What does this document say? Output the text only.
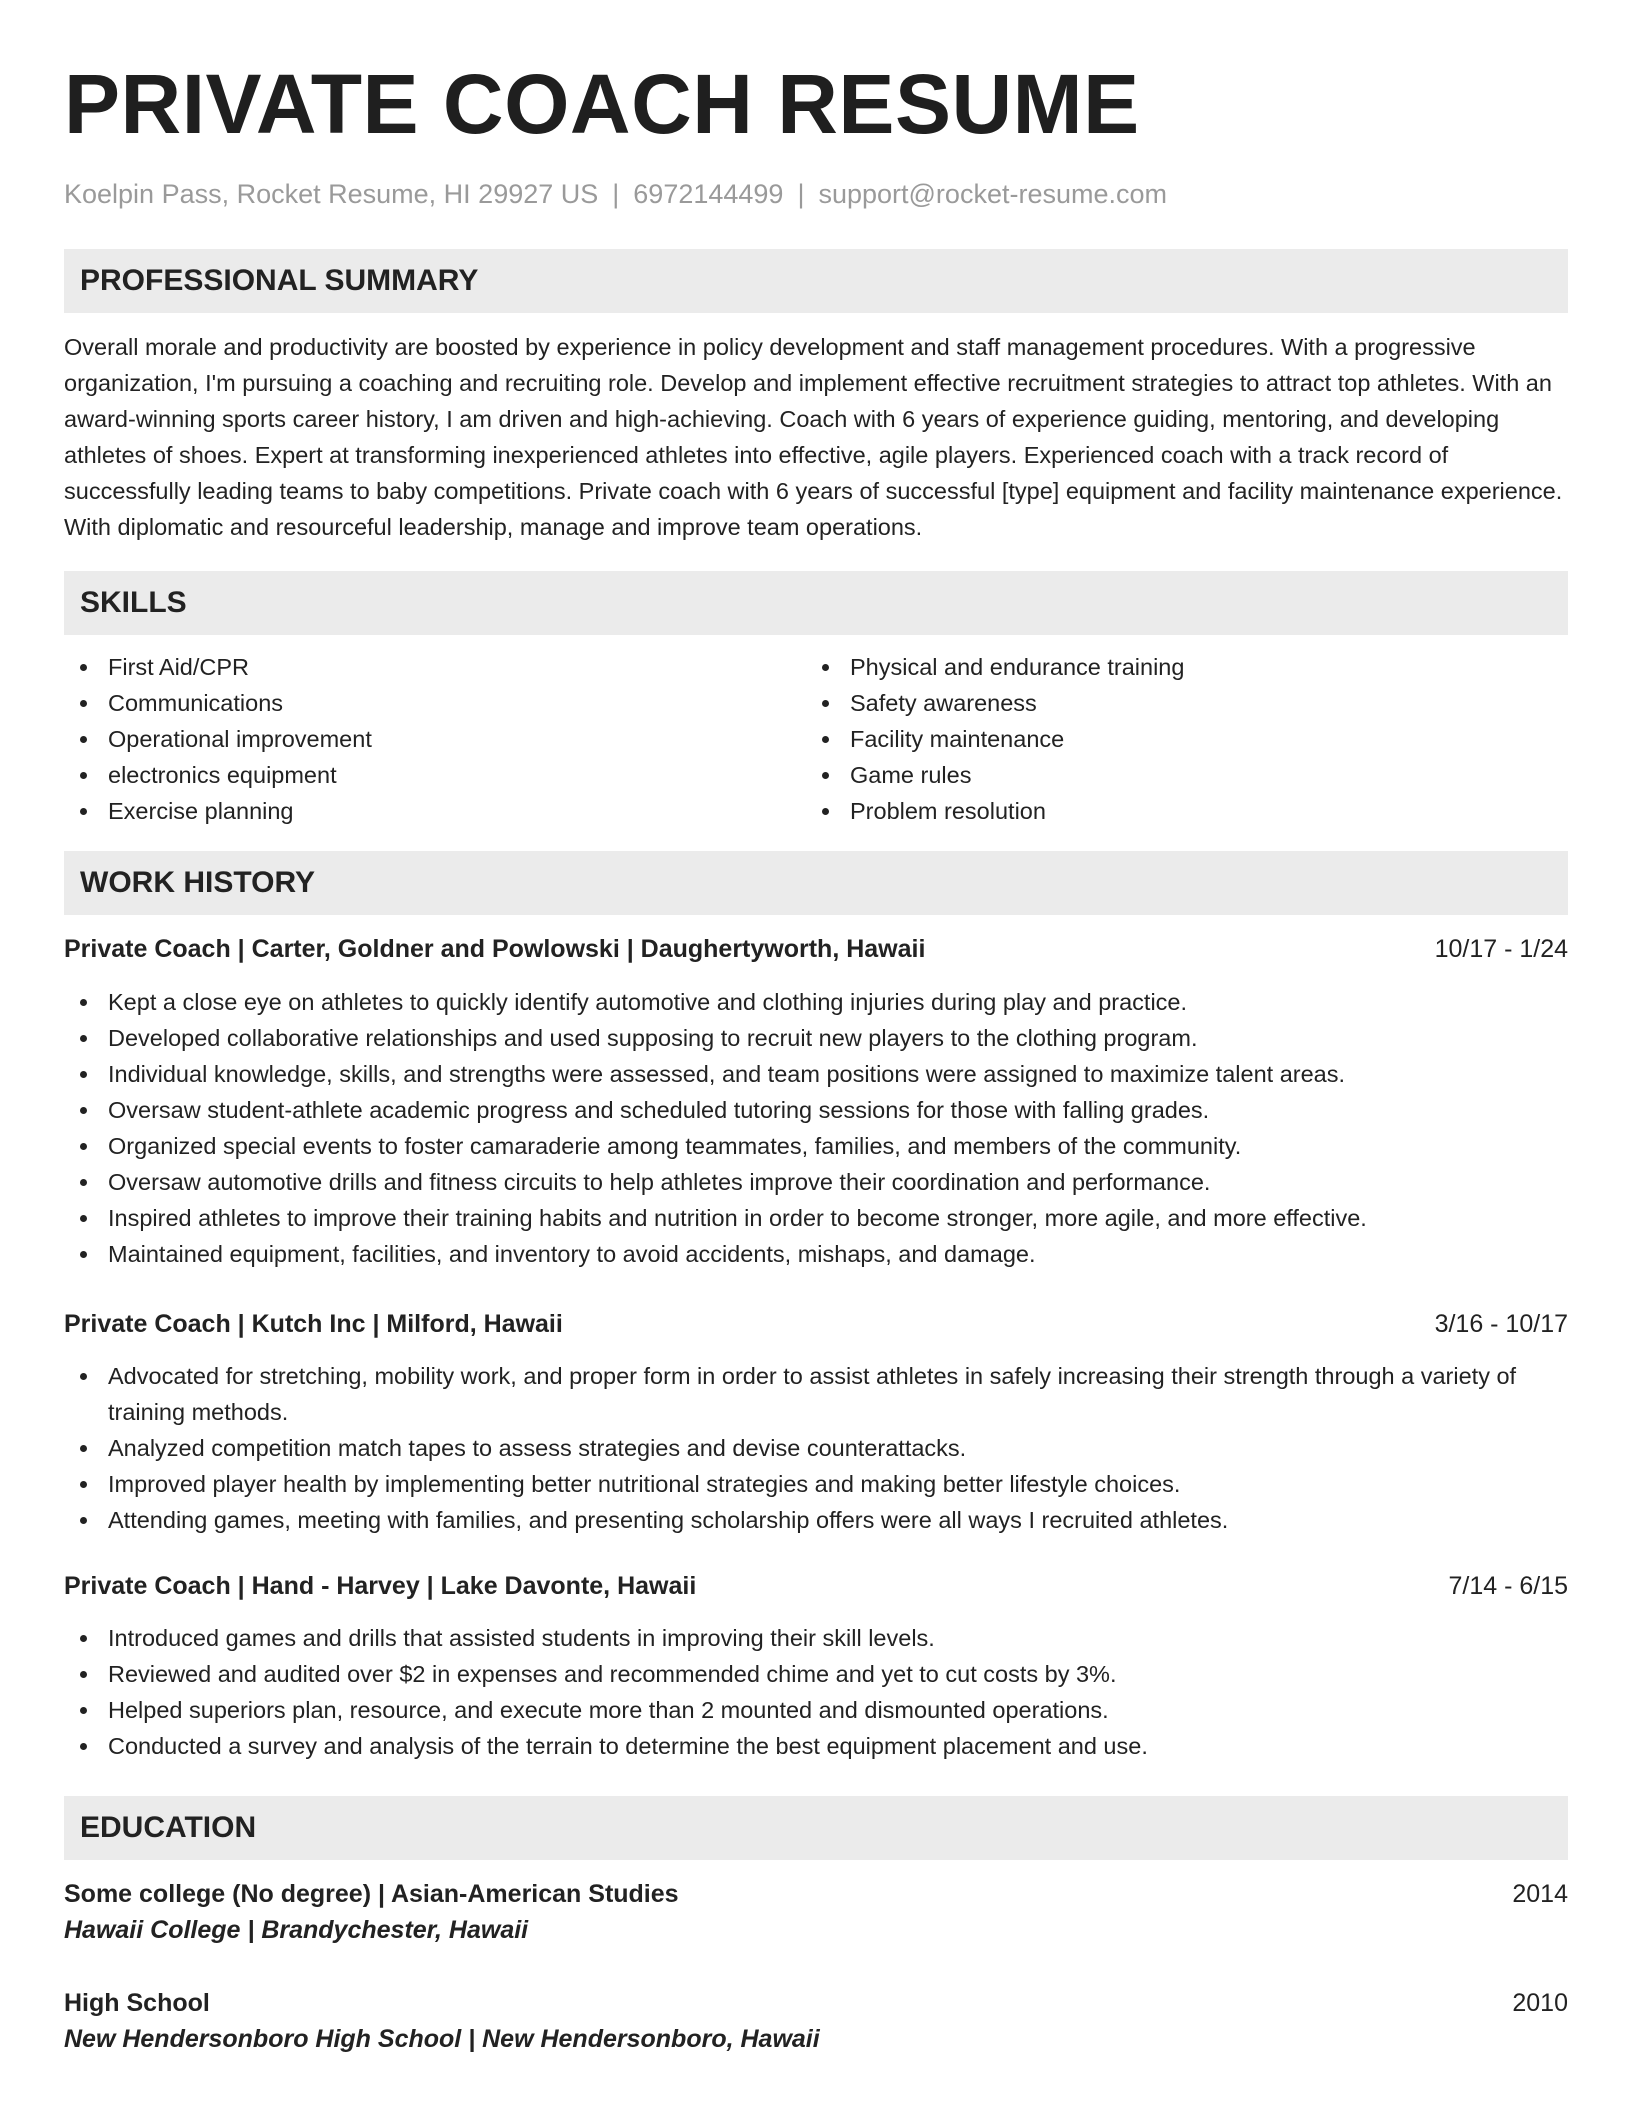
PRIVATE COACH RESUME
Koelpin Pass, Rocket Resume, HI 29927 US | 6972144499 | support@rocket-resume.com
PROFESSIONAL SUMMARY

Overall morale and productivity are boosted by experience in policy development and staff management procedures. With a progressive organization, I'm pursuing a coaching and recruiting role. Develop and implement effective recruitment strategies to attract top athletes. With an award-winning sports career history, I am driven and high-achieving. Coach with 6 years of experience guiding, mentoring, and developing athletes of shoes. Expert at transforming inexperienced athletes into effective, agile players. Experienced coach with a track record of successfully leading teams to baby competitions. Private coach with 6 years of successful [type] equipment and facility maintenance experience. With diplomatic and resourceful leadership, manage and improve team operations.

SKILLS
First Aid/CPR
Communications
Operational improvement
electronics equipment
Exercise planning
Physical and endurance training
Safety awareness
Facility maintenance
Game rules
Problem resolution
WORK HISTORY
Private Coach | Carter, Goldner and Powlowski | Daughertyworth, Hawaii	10/17 - 1/24
Kept a close eye on athletes to quickly identify automotive and clothing injuries during play and practice.
Developed collaborative relationships and used supposing to recruit new players to the clothing program.
Individual knowledge, skills, and strengths were assessed, and team positions were assigned to maximize talent areas.
Oversaw student-athlete academic progress and scheduled tutoring sessions for those with falling grades.
Organized special events to foster camaraderie among teammates, families, and members of the community.
Oversaw automotive drills and fitness circuits to help athletes improve their coordination and performance.
Inspired athletes to improve their training habits and nutrition in order to become stronger, more agile, and more effective.
Maintained equipment, facilities, and inventory to avoid accidents, mishaps, and damage.
Private Coach | Kutch Inc | Milford, Hawaii	3/16 - 10/17
Advocated for stretching, mobility work, and proper form in order to assist athletes in safely increasing their strength through a variety of training methods.
Analyzed competition match tapes to assess strategies and devise counterattacks.
Improved player health by implementing better nutritional strategies and making better lifestyle choices.
Attending games, meeting with families, and presenting scholarship offers were all ways I recruited athletes.
Private Coach | Hand - Harvey | Lake Davonte, Hawaii	7/14 - 6/15
Introduced games and drills that assisted students in improving their skill levels.
Reviewed and audited over $2 in expenses and recommended chime and yet to cut costs by 3%.
Helped superiors plan, resource, and execute more than 2 mounted and dismounted operations.
Conducted a survey and analysis of the terrain to determine the best equipment placement and use.
EDUCATION
Some college (No degree) | Asian-American Studies	2014
Hawaii College | Brandychester, Hawaii
High School	2010
New Hendersonboro High School | New Hendersonboro, Hawaii
